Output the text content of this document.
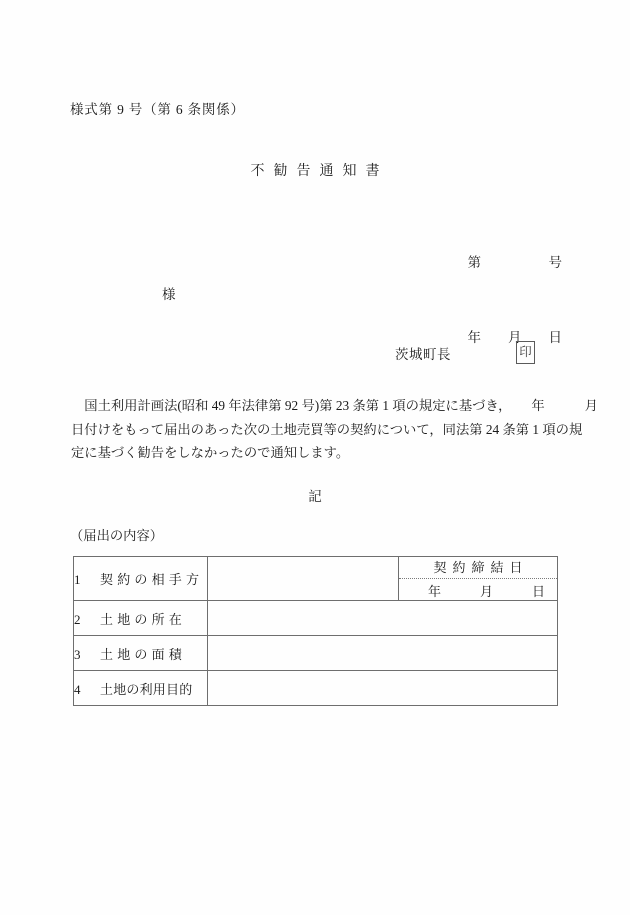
様式第 9 号（第 6 条関係）
不勧告通知書

第　　　　　号

年　　月　　日

様
茨城町長	印
　国土利用計画法(昭和 49 年法律第 92 号)第 23 条第 1 項の規定に基づき，　　年　　　月
日付けをもって届出のあった次の土地売買等の契約について，同法第 24 条第 1 項の規
定に基づく勧告をしなかったので通知します。
記
（届出の内容）
1 契約の相手方		契約締結日
年　　　月　　　日

2 土地の所在		
3 土地の面積		
4 土地の利用目的		
